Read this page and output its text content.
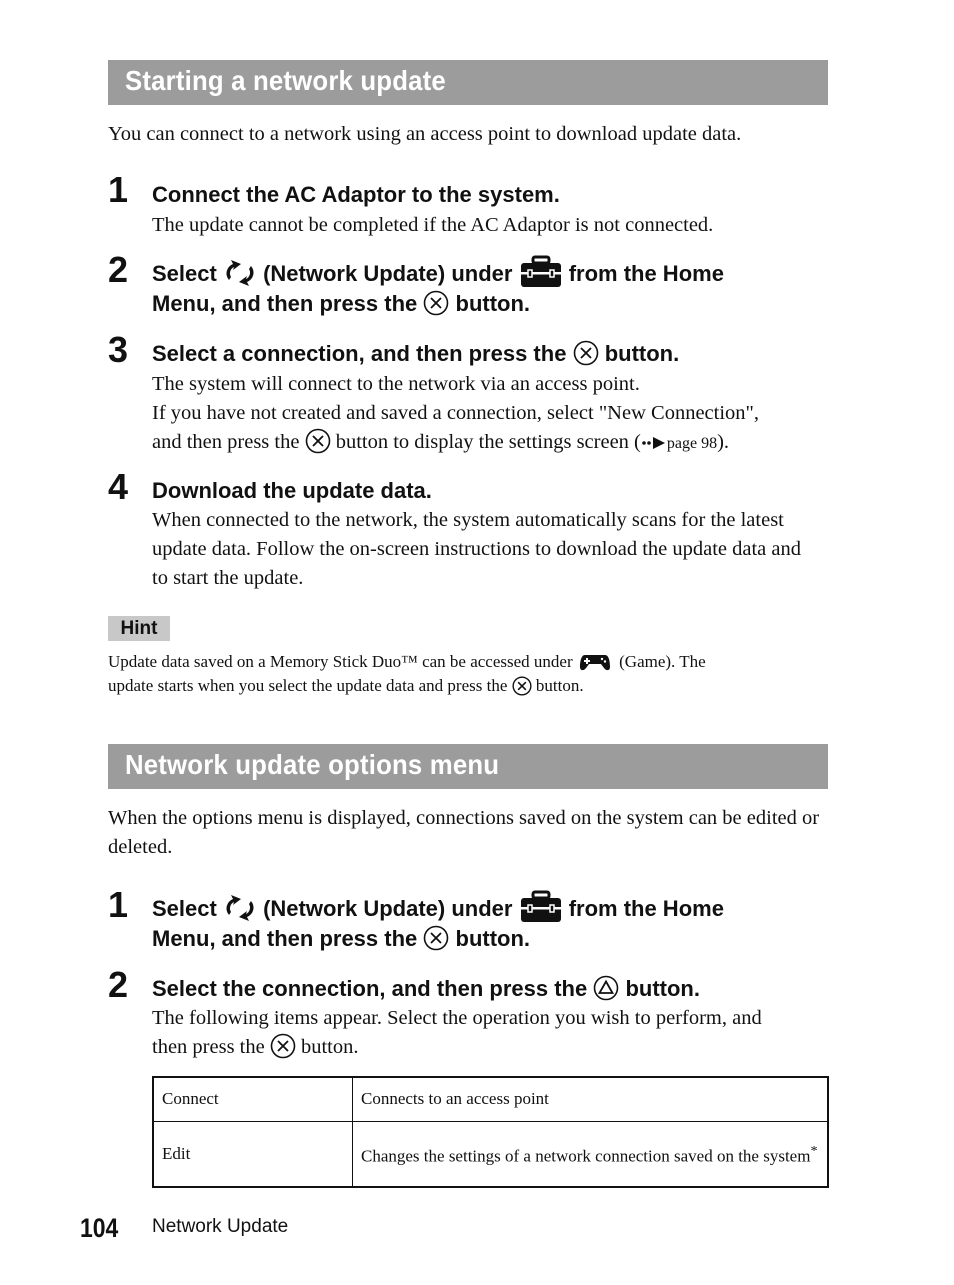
Starting a network update
You can connect to a network using an access point to download update data.
1 Connect the AC Adaptor to the system.
The update cannot be completed if the AC Adaptor is not connected.
2 Select (Network Update) under	from the Home
Menu, and then press the button.
3 Select a connection, and then press the button.
The system will connect to the network via an access point.
If you have not created and saved a connection, select "New Connection",
and then press the button to display the settings screen ( page 98).
4 Download the update data.
When connected to the network, the system automatically scans for the latest update data. Follow the on-screen instructions to download the update data and to start the update.
Hint
Update data saved on a Memory Stick Duo™ can be accessed under	(Game). The
update starts when you select the update data and press the button.
Network update options menu
When the options menu is displayed, connections saved on the system can be edited or deleted.
1 Select (Network Update) under	from the Home
Menu, and then press the button.
2 Select the connection, and then press the button.
The following items appear. Select the operation you wish to perform, and
then press the button.
Connect	Connects to an access point
Edit	Changes the settings of a network connection saved on the system*
104 Network Update
